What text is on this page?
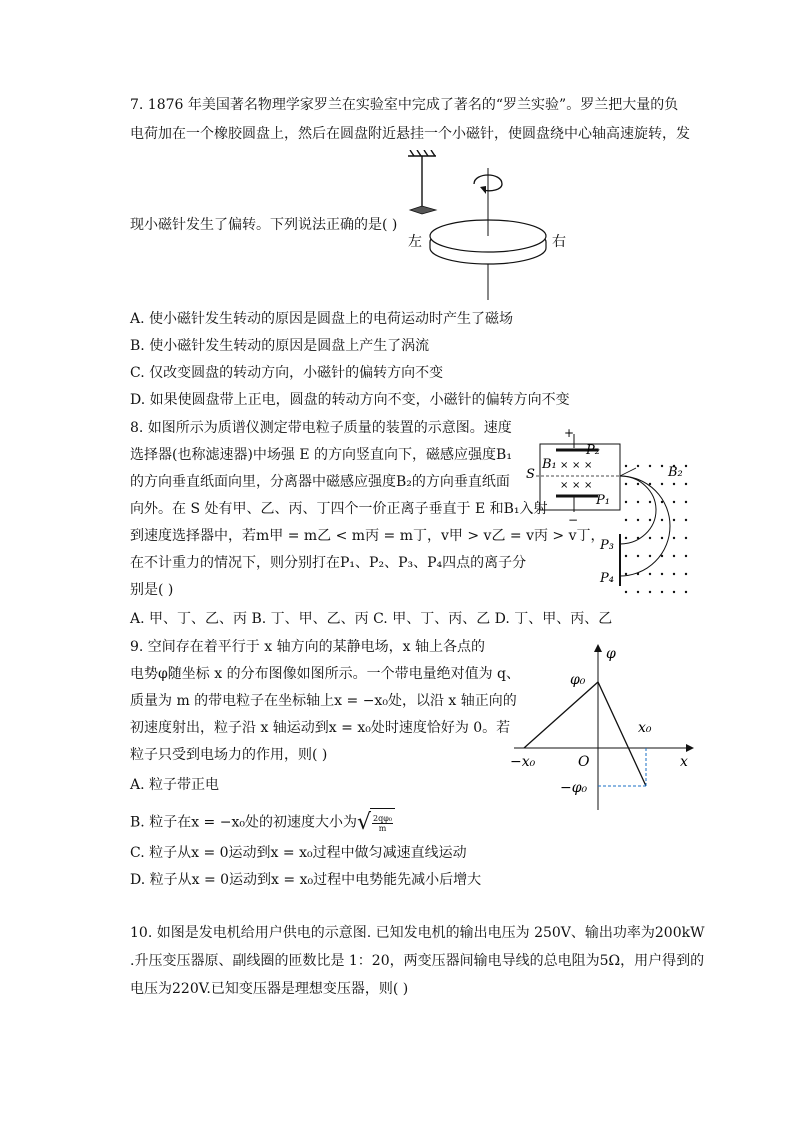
7. 1876 年美国著名物理学家罗兰在实验室中完成了著名的“罗兰实验”。罗兰把大量的负
电荷加在一个橡胶圆盘上，然后在圆盘附近悬挂一个小磁针，使圆盘绕中心轴高速旋转，发
左	右
现小磁针发生了偏转。下列说法正确的是( )
A. 使小磁针发生转动的原因是圆盘上的电荷运动时产生了磁场
B. 使小磁针发生转动的原因是圆盘上产生了涡流
C. 仅改变圆盘的转动方向，小磁针的偏转方向不变
D. 如果使圆盘带上正电，圆盘的转动方向不变，小磁针的偏转方向不变
8. 如图所示为质谱仪测定带电粒子质量的装置的示意图。速度
选择器(也称滤速器)中场强 E 的方向竖直向下，磁感应强度B₁
的方向垂直纸面向里，分离器中磁感应强度B₂的方向垂直纸面
向外。在 S 处有甲、乙、丙、丁四个一价正离子垂直于 E 和B₁入射
到速度选择器中，若m甲 = m乙 < m丙 = m丁，v甲 > v乙 = v丙 > v丁，
在不计重力的情况下，则分别打在P₁、P₂、P₃、P₄四点的离子分
别是( )
+
−
P₂
B₁
S
P₁
× × ×
× × ×
B₂
P₃
P₄
A. 甲、丁、乙、丙 B. 丁、甲、乙、丙 C. 甲、丁、丙、乙 D. 丁、甲、丙、乙
9. 空间存在着平行于 x 轴方向的某静电场，x 轴上各点的
电势φ随坐标 x 的分布图像如图所示。一个带电量绝对值为 q、
质量为 m 的带电粒子在坐标轴上x = −x₀处，以沿 x 轴正向的
初速度射出，粒子沿 x 轴运动到x = x₀处时速度恰好为 0。若
粒子只受到电场力的作用，则( )
φ
φ₀
−φ₀
x₀
−x₀	O	x
A. 粒子带正电
B. 粒子在x = −x₀处的初速度大小为√ $\frac{\text{2qφ₀}}{m}$
C. 粒子从x = 0运动到x = x₀过程中做匀减速直线运动
D. 粒子从x = 0运动到x = x₀过程中电势能先减小后增大
10. 如图是发电机给用户供电的示意图. 已知发电机的输出电压为 250V、输出功率为200kW
.升压变压器原、副线圈的匝数比是 1：20，两变压器间输电导线的总电阻为5Ω，用户得到的
电压为220V.已知变压器是理想变压器，则( )
